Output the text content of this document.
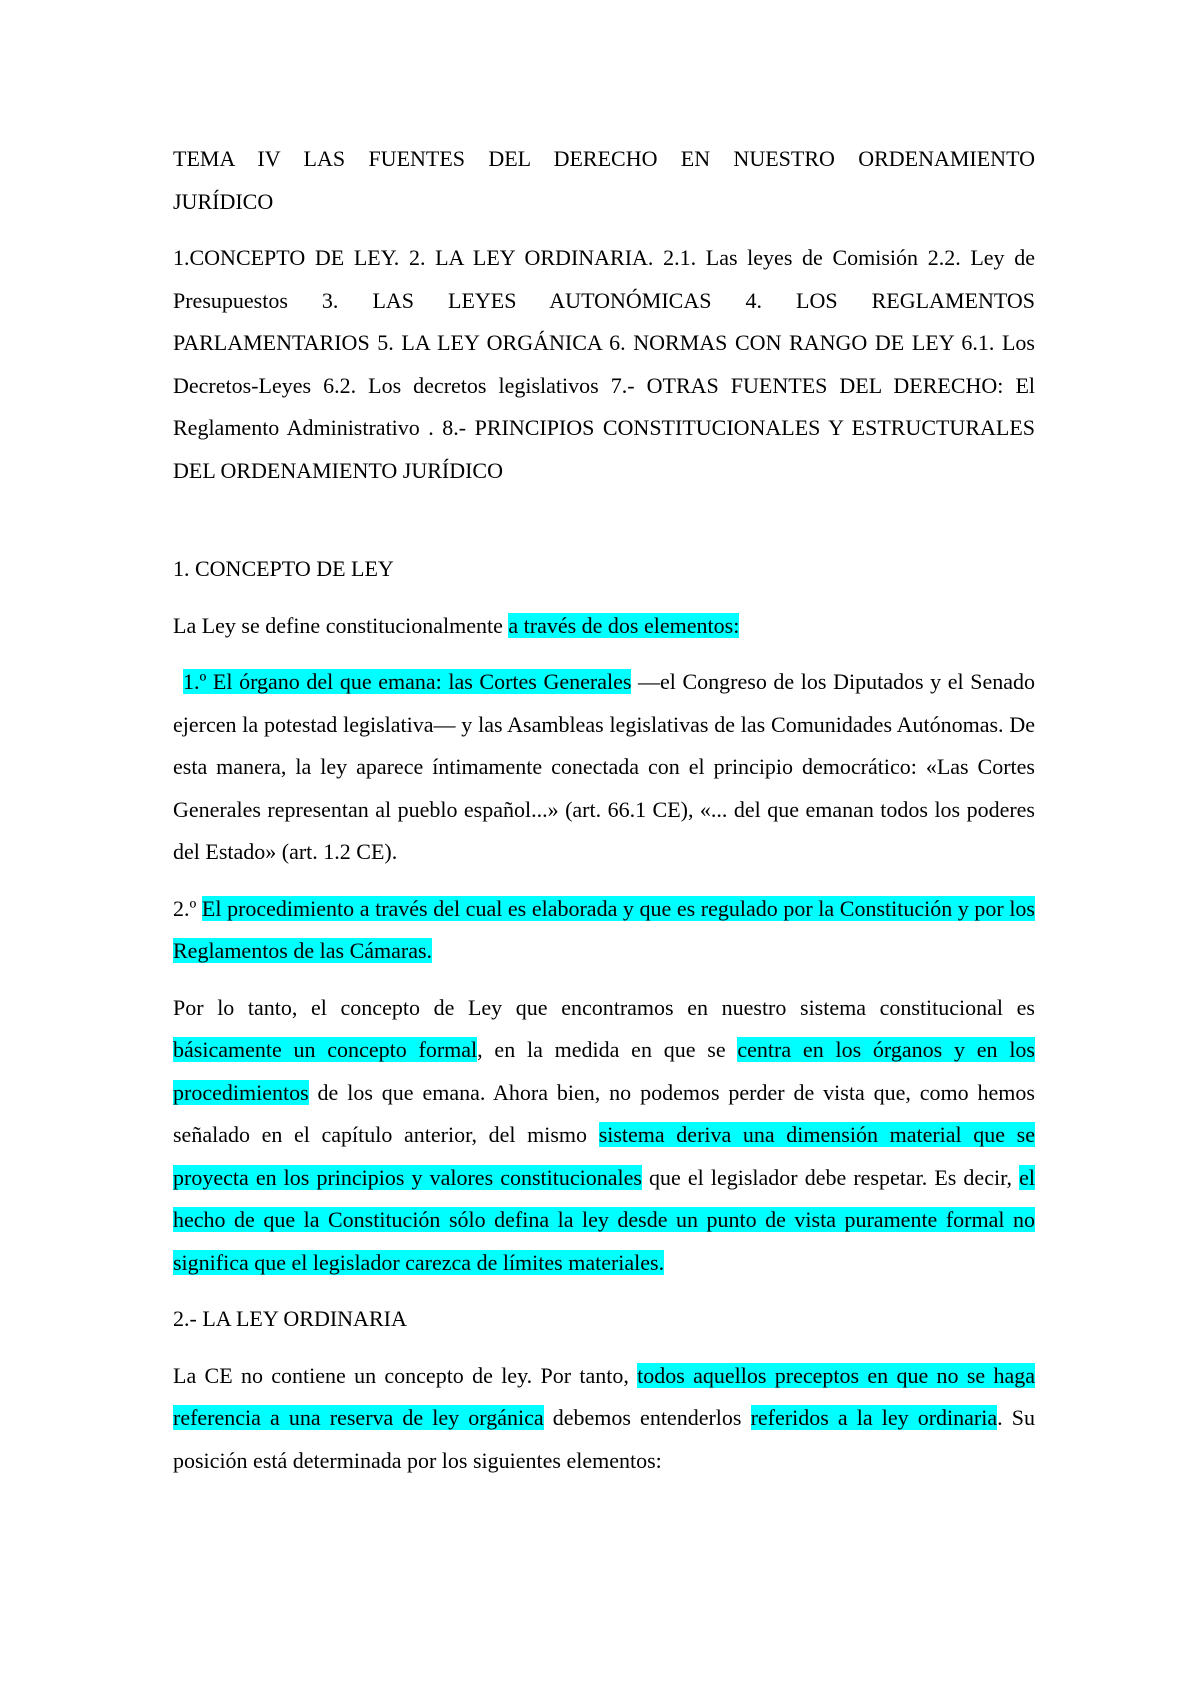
TEMA IV LAS FUENTES DEL DERECHO EN NUESTRO ORDENAMIENTO JURÍDICO

1.CONCEPTO DE LEY. 2. LA LEY ORDINARIA. 2.1. Las leyes de Comisión 2.2. Ley de Presupuestos 3. LAS LEYES AUTONÓMICAS 4. LOS REGLAMENTOS PARLAMENTARIOS 5. LA LEY ORGÁNICA 6. NORMAS CON RANGO DE LEY 6.1. Los Decretos-Leyes 6.2. Los decretos legislativos 7.- OTRAS FUENTES DEL DERECHO: El Reglamento Administrativo . 8.- PRINCIPIOS CONSTITUCIONALES Y ESTRUCTURALES DEL ORDENAMIENTO JURÍDICO

1. CONCEPTO DE LEY

La Ley se define constitucionalmente a través de dos elementos:

1.º El órgano del que emana: las Cortes Generales —el Congreso de los Diputados y el Senado ejercen la potestad legislativa— y las Asambleas legislativas de las Comunidades Autónomas. De esta manera, la ley aparece íntimamente conectada con el principio democrático: «Las Cortes Generales representan al pueblo español...» (art. 66.1 CE), «... del que emanan todos los poderes del Estado» (art. 1.2 CE).

2.º El procedimiento a través del cual es elaborada y que es regulado por la Constitución y por los Reglamentos de las Cámaras.

Por lo tanto, el concepto de Ley que encontramos en nuestro sistema constitucional es básicamente un concepto formal, en la medida en que se centra en los órganos y en los procedimientos de los que emana. Ahora bien, no podemos perder de vista que, como hemos señalado en el capítulo anterior, del mismo sistema deriva una dimensión material que se proyecta en los principios y valores constitucionales que el legislador debe respetar. Es decir, el hecho de que la Constitución sólo defina la ley desde un punto de vista puramente formal no significa que el legislador carezca de límites materiales.

2.- LA LEY ORDINARIA

La CE no contiene un concepto de ley. Por tanto, todos aquellos preceptos en que no se haga referencia a una reserva de ley orgánica debemos entenderlos referidos a la ley ordinaria. Su posición está determinada por los siguientes elementos:
